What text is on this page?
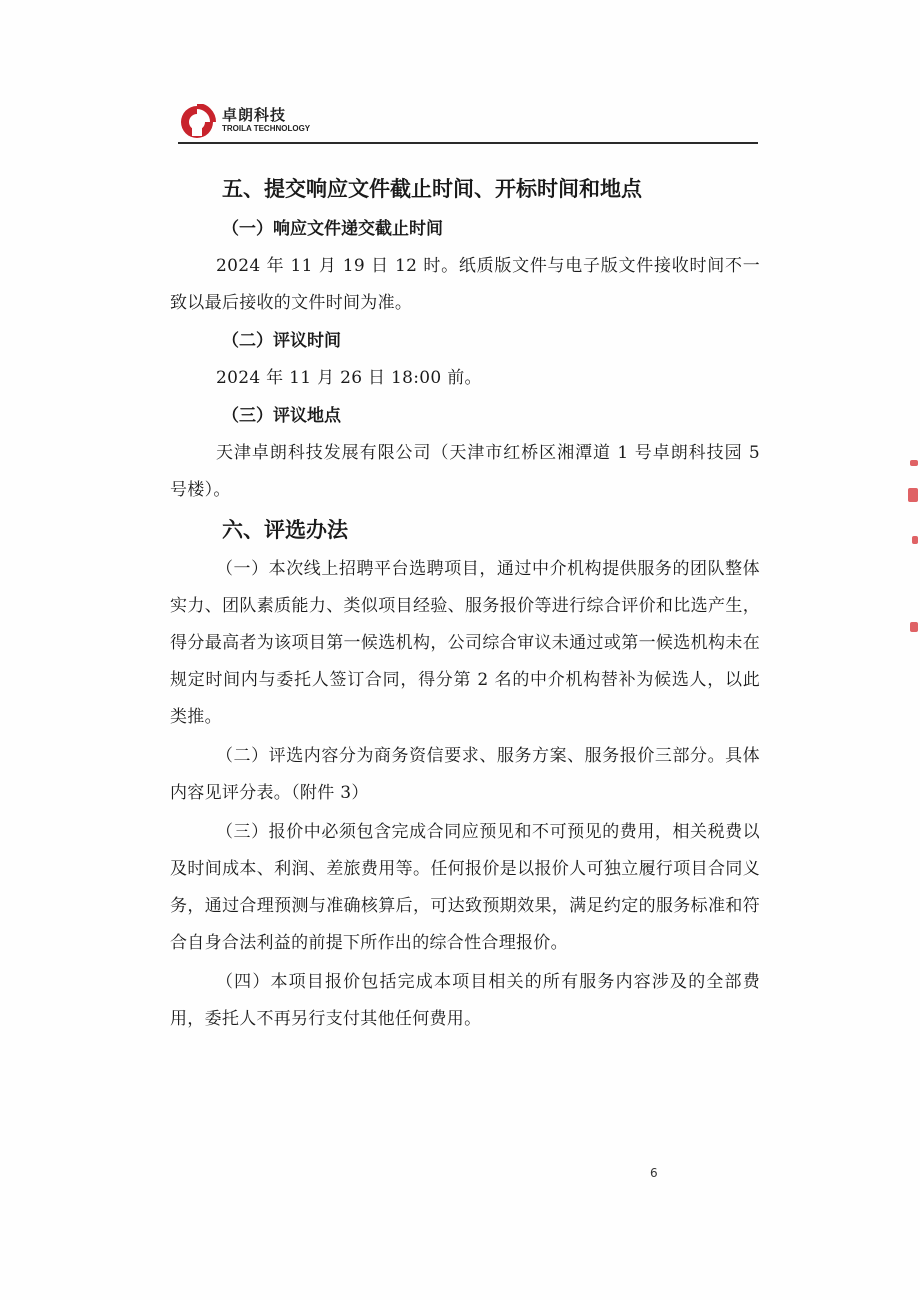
卓朗科技
TROILA TECHNOLOGY
五、提交响应文件截止时间、开标时间和地点
（一）响应文件递交截止时间

2024 年 11 月 19 日 12 时。纸质版文件与电子版文件接收时间不一致以最后接收的文件时间为准。

（二）评议时间

2024 年 11 月 26 日 18:00 前。

（三）评议地点

天津卓朗科技发展有限公司（天津市红桥区湘潭道 1 号卓朗科技园 5 号楼）。

六、评选办法

（一）本次线上招聘平台选聘项目，通过中介机构提供服务的团队整体实力、团队素质能力、类似项目经验、服务报价等进行综合评价和比选产生，得分最高者为该项目第一候选机构，公司综合审议未通过或第一候选机构未在规定时间内与委托人签订合同，得分第 2 名的中介机构替补为候选人，以此类推。

（二）评选内容分为商务资信要求、服务方案、服务报价三部分。具体内容见评分表。（附件 3）

（三）报价中必须包含完成合同应预见和不可预见的费用，相关税费以及时间成本、利润、差旅费用等。任何报价是以报价人可独立履行项目合同义务，通过合理预测与准确核算后，可达致预期效果，满足约定的服务标准和符合自身合法利益的前提下所作出的综合性合理报价。

（四）本项目报价包括完成本项目相关的所有服务内容涉及的全部费用，委托人不再另行支付其他任何费用。

6
